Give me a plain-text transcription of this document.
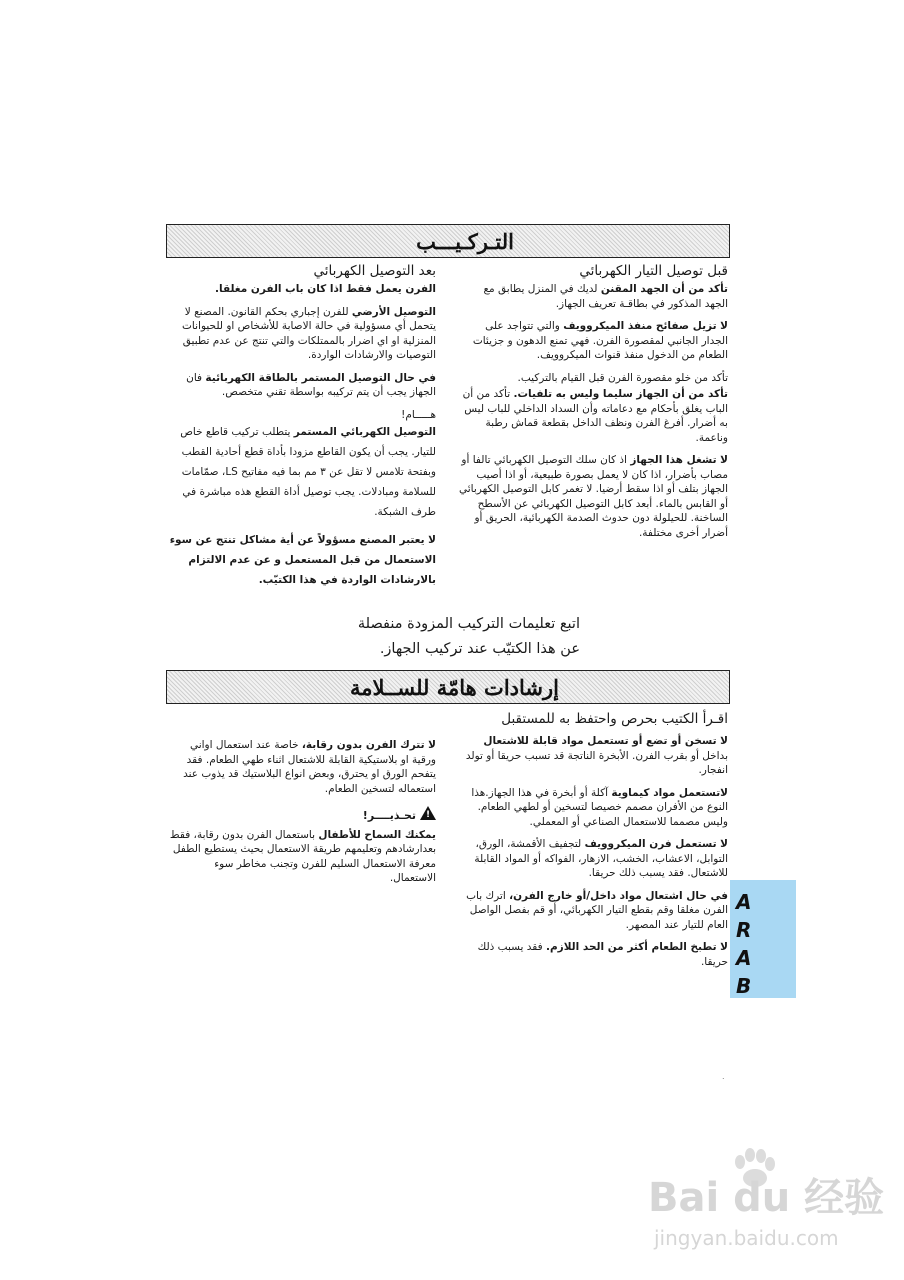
التـركـيـــب
قبل توصيل التيار الكهربائي

تأكد من أن الجهد المقنن لديك في المنزل يطابق مع الجهد المذكور في بطاقـة تعريف الجهاز.

لا تزيل صفائح منفذ الميكروويف والتي تتواجد على الجدار الجانبي لمقصورة الفرن. فهي تمنع الدهون و جزيئات الطعام من الدخول منفذ قنوات الميكروويف.

تأكد من خلو مقصورة الفرن قبل القيام بالتركيب.

تأكد من أن الجهاز سليما وليس به تلفيات. تأكد من أن الباب يغلق بأحكام مع دعاماته وأن السداد الداخلي للباب ليس به أضرار. أفرغ الفرن ونظف الداخل بقطعة قماش رطبة وناعمة.

لا تشغل هذا الجهاز اذ كان سلك التوصيل الكهربائي تالفا أو مصاب بأضرار، اذا كان لا يعمل بصورة طبيعية، أو اذا أصيب الجهاز بتلف أو اذا سقط أرضيا. لا تغمر كابل التوصيل الكهربائي أو القابس بالماء. أبعد كابل التوصيل الكهربائي عن الأسطح الساخنة. للحيلولة دون حدوث الصدمة الكهربائية، الحريق أو أضرار أخرى مختلفة.

بعد التوصيل الكهربائي

الفرن يعمل فقط اذا كان باب الفرن مغلقا.

التوصيل الأرضي للفرن إجباري بحكم القانون. المصنع لا يتحمل أي مسؤولية في حالة الاصابة للأشخاص او للحيوانات المنزلية او اي اضرار بالممتلكات والتي تنتج عن عدم تطبيق التوصيات والارشادات الواردة.

في حال التوصيل المستمر بالطاقة الكهربائية فان الجهاز يجب أن يتم تركيبه بواسطة تقني متخصص.

هـــــام!

التوصيل الكهربائي المستمر يتطلب تركيب قاطع خاص للتيار. يجب أن يكون القاطع مزودا بأداة قطع أحادية القطب وبفتحة تلامس لا تقل عن ٣ مم بما فيه مفاتيح LS، صمّامات للسلامة ومبادلات. يجب توصيل أداة القطع هذه مباشرة في طرف الشبكة.

لا يعتبر المصنع مسؤولاً عن أية مشاكل تنتج عن سوء الاستعمال من قبل المستعمل و عن عدم الالتزام بالارشادات الواردة في هذا الكتيّب.

اتبع تعليمات التركيب المزودة منفصلة
عن هذا الكتيّب عند تركيب الجهاز.
إرشادات هامّة للســلامة
اقـرأ الكتيب بحرص واحتفظ به للمستقبل

لا تسخن أو تضع أو تستعمل مواد قابلة للاشتعال بداخل أو بقرب الفرن. الأبخرة الناتجة قد تسبب حريقا أو تولد انفجار.

لاتستعمل مواد كيماوية آكلة أو أبخرة في هذا الجهاز.هذا النوع من الأفران مصمم خصيصا لتسخين أو لطهي الطعام. وليس مصمما للاستعمال الصناعي أو المعملي.

لا تستعمل فرن الميكروويف لتجفيف الأقمشة، الورق، التوابل، الاعشاب، الخشب، الازهار، الفواكه أو المواد القابلة للاشتعال. فقد يسبب ذلك حريقا.

في حال اشتعال مواد داخل/أو خارج الفرن، اترك باب الفرن مغلقا وقم بقطع التيار الكهربائي، أو قم بفصل الواصل العام للتيار عند المصهر.

لا تطبخ الطعام أكثر من الحد اللازم. فقد يسبب ذلك حريقا.

لا تترك الفرن بدون رقابة، خاصة عند استعمال اواني ورقية او بلاستيكية القابلة للاشتعال اثناء طهي الطعام. فقد يتفحم الورق او يحترق، وبعض انواع البلاستيك قد يذوب عند استعماله لتسخين الطعام.

!
تحـذيــــر!

يمكنك السماح للأطفال باستعمال الفرن بدون رقابة، فقط بعدارشادهم وتعليمهم طريقة الاستعمال بحيث يستطيع الطفل معرفة الاستعمال السليم للفرن وتجنب مخاطر سوء الاستعمال.

A
R
A
B
.
Bai du 经验
jingyan.baidu.com
